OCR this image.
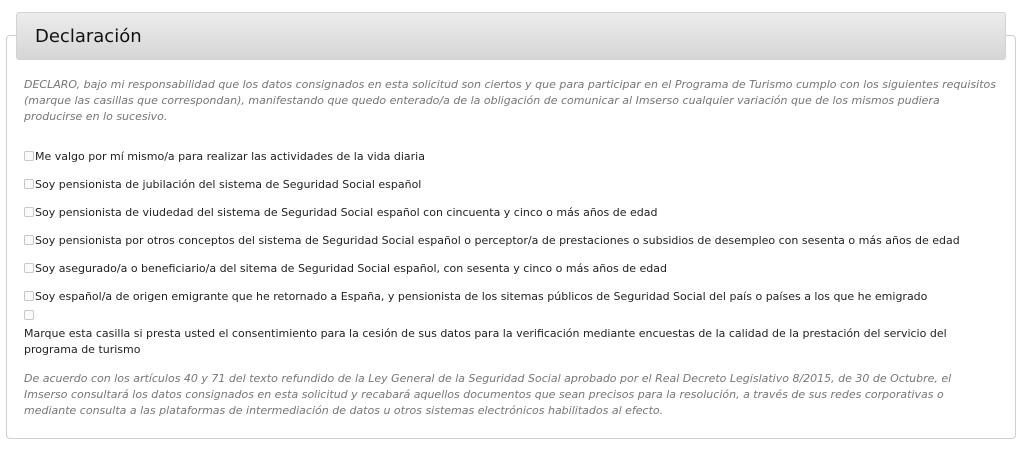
Declaración

DECLARO, bajo mi responsabilidad que los datos consignados en esta solicitud son ciertos y que para participar en el Programa de Turismo cumplo con los siguientes requisitos (marque las casillas que correspondan), manifestando que quedo enterado/a de la obligación de comunicar al Imserso cualquier variación que de los mismos pudiera producirse en lo sucesivo.

Me valgo por mí mismo/a para realizar las actividades de la vida diaria
Soy pensionista de jubilación del sistema de Seguridad Social español
Soy pensionista de viudedad del sistema de Seguridad Social español con cincuenta y cinco o más años de edad
Soy pensionista por otros conceptos del sistema de Seguridad Social español o perceptor/a de prestaciones o subsidios de desempleo con sesenta o más años de edad
Soy asegurado/a o beneficiario/a del sitema de Seguridad Social español, con sesenta y cinco o más años de edad
Soy español/a de origen emigrante que he retornado a España, y pensionista de los sitemas públicos de Seguridad Social del país o países a los que he emigrado
Marque esta casilla si presta usted el consentimiento para la cesión de sus datos para la verificación mediante encuestas de la calidad de la prestación del servicio del programa de turismo

De acuerdo con los artículos 40 y 71 del texto refundido de la Ley General de la Seguridad Social aprobado por el Real Decreto Legislativo 8/2015, de 30 de Octubre, el Imserso consultará los datos consignados en esta solicitud y recabará aquellos documentos que sean precisos para la resolución, a través de sus redes corporativas o mediante consulta a las plataformas de intermediación de datos u otros sistemas electrónicos habilitados al efecto.
